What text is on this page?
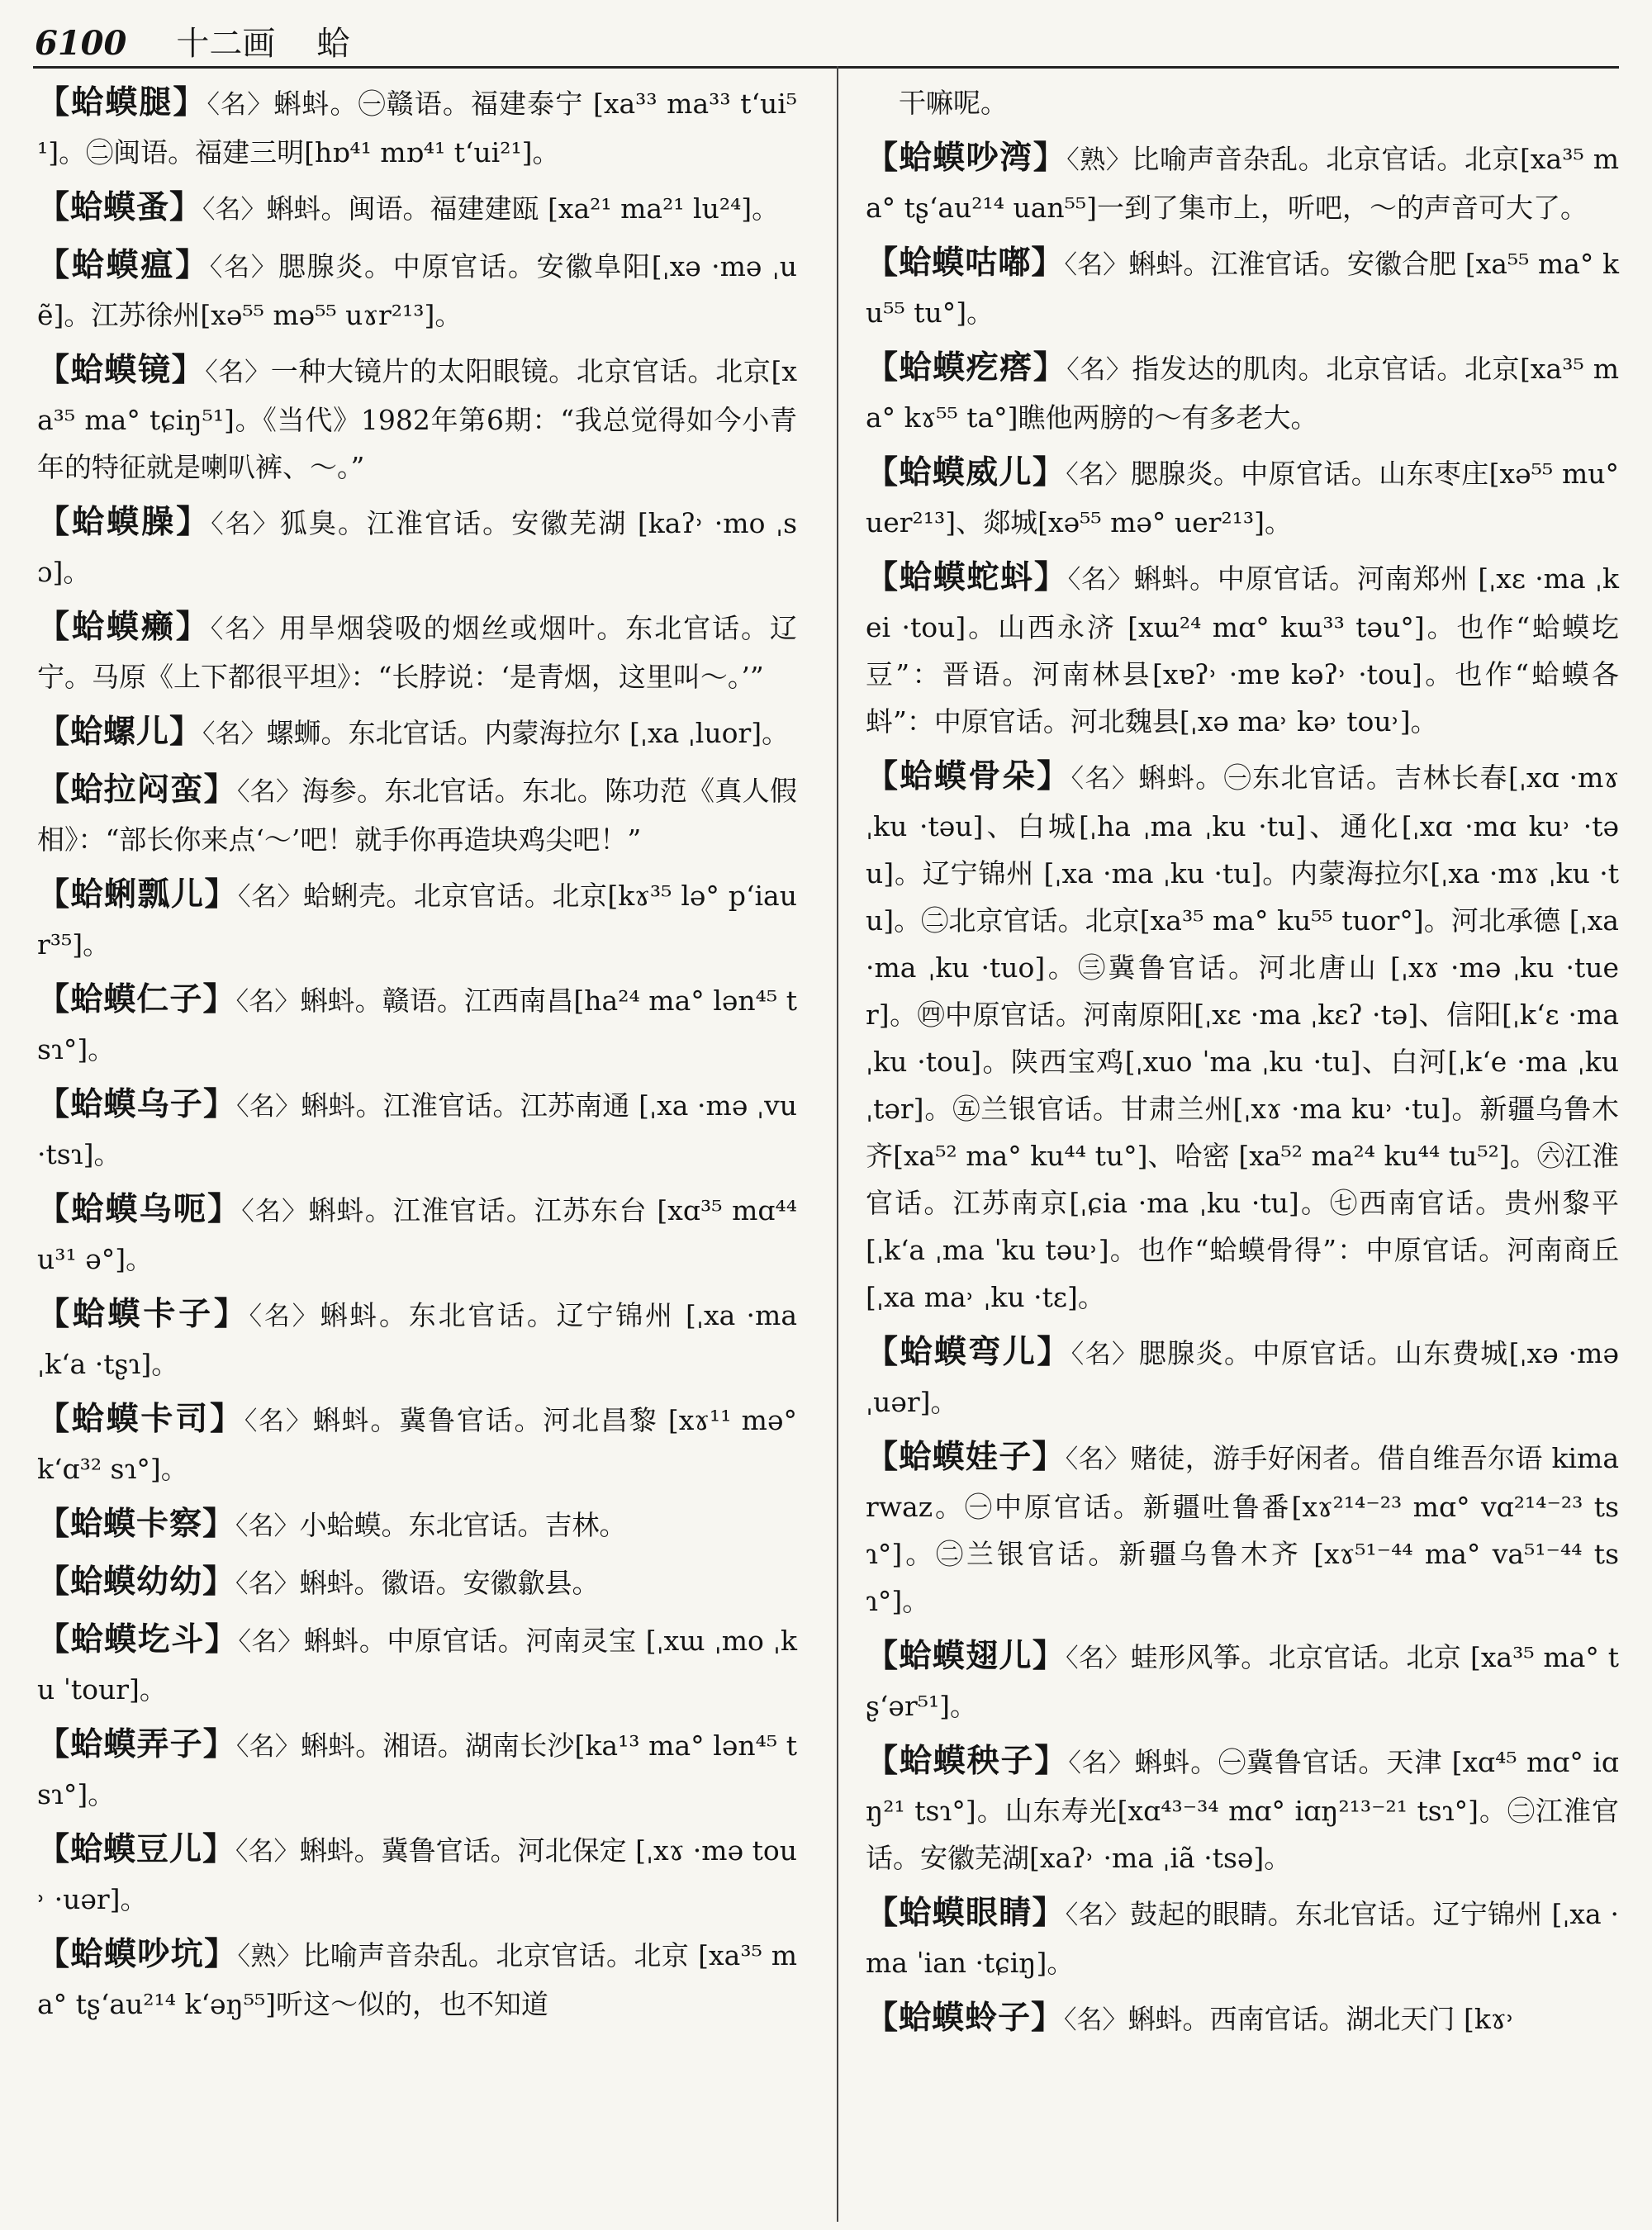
6100 十二画 蛤
【蛤蟆腿】〈名〉蝌蚪。㊀赣语。福建泰宁 [xa³³ ma³³ t‘ui⁵¹]。㊁闽语。福建三明[hɒ⁴¹ mɒ⁴¹ t‘ui²¹]。
【蛤蟆蚤】〈名〉蝌蚪。闽语。福建建瓯 [xa²¹ ma²¹ lu²⁴]。
【蛤蟆瘟】〈名〉腮腺炎。中原官话。安徽阜阳[ˌxə ·mə ˌuẽ]。江苏徐州[xə⁵⁵ mə⁵⁵ uɤr²¹³]。
【蛤蟆镜】〈名〉一种大镜片的太阳眼镜。北京官话。北京[xa³⁵ ma° tɕiŋ⁵¹]。《当代》1982年第6期：“我总觉得如今小青年的特征就是喇叭裤、～。”
【蛤蟆臊】〈名〉狐臭。江淮官话。安徽芜湖 [kaʔ˒ ·mo ˌsɔ]。
【蛤蟆癞】〈名〉用旱烟袋吸的烟丝或烟叶。东北官话。辽宁。马原《上下都很平坦》：“长脖说：‘是青烟，这里叫～。’”
【蛤螺儿】〈名〉螺蛳。东北官话。内蒙海拉尔 [ˌxa ˌluor]。
【蛤拉闷蛮】〈名〉海参。东北官话。东北。陈功范《真人假相》：“部长你来点‘～’吧！就手你再造块鸡尖吧！”
【蛤蜊瓢儿】〈名〉蛤蜊壳。北京官话。北京[kɤ³⁵ lə° p‘iaur³⁵]。
【蛤蟆仁子】〈名〉蝌蚪。赣语。江西南昌[ha²⁴ ma° lən⁴⁵ tsɿ°]。
【蛤蟆乌子】〈名〉蝌蚪。江淮官话。江苏南通 [ˌxa ·mə ˌvu ·tsɿ]。
【蛤蟆乌呃】〈名〉蝌蚪。江淮官话。江苏东台 [xɑ³⁵ mɑ⁴⁴ u³¹ ə°]。
【蛤蟆卡子】〈名〉蝌蚪。东北官话。辽宁锦州 [ˌxa ·ma ˌk‘a ·tʂɿ]。
【蛤蟆卡司】〈名〉蝌蚪。冀鲁官话。河北昌黎 [xɤ¹¹ mə° k‘ɑ³² sɿ°]。
【蛤蟆卡察】〈名〉小蛤蟆。东北官话。吉林。
【蛤蟆幼幼】〈名〉蝌蚪。徽语。安徽歙县。
【蛤蟆圪斗】〈名〉蝌蚪。中原官话。河南灵宝 [ˌxɯ ˌmo ˌku ˈtour]。
【蛤蟆弄子】〈名〉蝌蚪。湘语。湖南长沙[ka¹³ ma° lən⁴⁵ tsɿ°]。
【蛤蟆豆儿】〈名〉蝌蚪。冀鲁官话。河北保定 [ˌxɤ ·mə tou˒ ·uər]。
【蛤蟆吵坑】〈熟〉比喻声音杂乱。北京官话。北京 [xa³⁵ ma° tʂ‘au²¹⁴ k‘əŋ⁵⁵]听这～似的，也不知道
干嘛呢。
【蛤蟆吵湾】〈熟〉比喻声音杂乱。北京官话。北京[xa³⁵ ma° tʂ‘au²¹⁴ uan⁵⁵]一到了集市上，听吧，～的声音可大了。
【蛤蟆咕嘟】〈名〉蝌蚪。江淮官话。安徽合肥 [xa⁵⁵ ma° ku⁵⁵ tu°]。
【蛤蟆疙瘩】〈名〉指发达的肌肉。北京官话。北京[xa³⁵ ma° kɤ⁵⁵ ta°]瞧他两膀的～有多老大。
【蛤蟆威儿】〈名〉腮腺炎。中原官话。山东枣庄[xə⁵⁵ mu° uer²¹³]、郯城[xə⁵⁵ mə° uer²¹³]。
【蛤蟆蛇蚪】〈名〉蝌蚪。中原官话。河南郑州 [ˌxɛ ·ma ˌkei ·tou]。山西永济 [xɯ²⁴ mɑ° kɯ³³ təu°]。也作“蛤蟆圪豆”：晋语。河南林县[xɐʔ˒ ·mɐ kəʔ˒ ·tou]。也作“蛤蟆各蚪”：中原官话。河北魏县[ˌxə ma˒ kə˒ tou˒]。
【蛤蟆骨朵】〈名〉蝌蚪。㊀东北官话。吉林长春[ˌxɑ ·mɤ ˌku ·təu]、白城[ˌha ˌma ˌku ·tu]、通化[ˌxɑ ·mɑ ku˒ ·təu]。辽宁锦州 [ˌxa ·ma ˌku ·tu]。内蒙海拉尔[ˌxa ·mɤ ˌku ·tu]。㊁北京官话。北京[xa³⁵ ma° ku⁵⁵ tuor°]。河北承德 [ˌxa ·ma ˌku ·tuo]。㊂冀鲁官话。河北唐山 [ˌxɤ ·mə ˌku ·tuer]。㊃中原官话。河南原阳[ˌxɛ ·ma ˌkɛʔ ·tə]、信阳[ˌk‘ɛ ·ma ˌku ·tou]。陕西宝鸡[ˌxuo ˈma ˌku ·tu]、白河[ˌk‘e ·ma ˌku ˌtər]。㊄兰银官话。甘肃兰州[ˌxɤ ·ma ku˒ ·tu]。新疆乌鲁木齐[xa⁵² ma° ku⁴⁴ tu°]、哈密 [xa⁵² ma²⁴ ku⁴⁴ tu⁵²]。㊅江淮官话。江苏南京[ˌɕia ·ma ˌku ·tu]。㊆西南官话。贵州黎平[ˌk‘a ˌma ˈku təu˒]。也作“蛤蟆骨得”：中原官话。河南商丘[ˌxa ma˒ ˌku ·tɛ]。
【蛤蟆弯儿】〈名〉腮腺炎。中原官话。山东费城[ˌxə ·mə ˌuər]。
【蛤蟆娃子】〈名〉赌徒，游手好闲者。借自维吾尔语 kimarwaz。㊀中原官话。新疆吐鲁番[xɤ²¹⁴⁻²³ mɑ° vɑ²¹⁴⁻²³ tsɿ°]。㊁兰银官话。新疆乌鲁木齐 [xɤ⁵¹⁻⁴⁴ ma° va⁵¹⁻⁴⁴ tsɿ°]。
【蛤蟆翅儿】〈名〉蛙形风筝。北京官话。北京 [xa³⁵ ma° tʂ‘ər⁵¹]。
【蛤蟆秧子】〈名〉蝌蚪。㊀冀鲁官话。天津 [xɑ⁴⁵ mɑ° iɑŋ²¹ tsɿ°]。山东寿光[xɑ⁴³⁻³⁴ mɑ° iɑŋ²¹³⁻²¹ tsɿ°]。㊁江淮官话。安徽芜湖[xaʔ˒ ·ma ˌiã ·tsə]。
【蛤蟆眼睛】〈名〉鼓起的眼睛。东北官话。辽宁锦州 [ˌxa ·ma ˈian ·tɕiŋ]。
【蛤蟆蛉子】〈名〉蝌蚪。西南官话。湖北天门 [kɤ˒
